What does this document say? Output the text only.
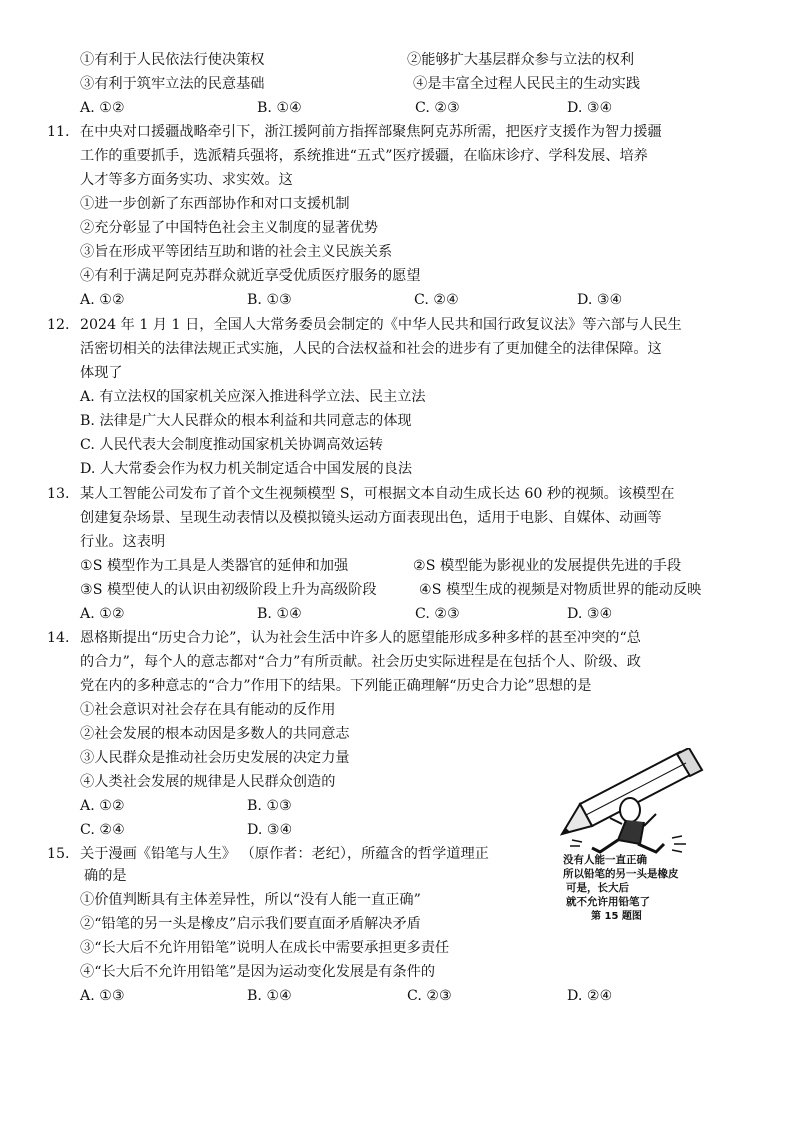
①有利于人民依法行使决策权	②能够扩大基层群众参与立法的权利
③有利于筑牢立法的民意基础	④是丰富全过程人民民主的生动实践
A. ①②	B. ①④	C. ②③	D. ③④
11. 在中央对口援疆战略牵引下，浙江援阿前方指挥部聚焦阿克苏所需，把医疗支援作为智力援疆
工作的重要抓手，选派精兵强将，系统推进“五式”医疗援疆，在临床诊疗、学科发展、培养
人才等多方面务实功、求实效。这
①进一步创新了东西部协作和对口支援机制
②充分彰显了中国特色社会主义制度的显著优势
③旨在形成平等团结互助和谐的社会主义民族关系
④有利于满足阿克苏群众就近享受优质医疗服务的愿望
A. ①②	B. ①③	C. ②④	D. ③④
12. 2024 年 1 月 1 日，全国人大常务委员会制定的《中华人民共和国行政复议法》等六部与人民生
活密切相关的法律法规正式实施，人民的合法权益和社会的进步有了更加健全的法律保障。这
体现了
A. 有立法权的国家机关应深入推进科学立法、民主立法
B. 法律是广大人民群众的根本利益和共同意志的体现
C. 人民代表大会制度推动国家机关协调高效运转
D. 人大常委会作为权力机关制定适合中国发展的良法
13. 某人工智能公司发布了首个文生视频模型 S，可根据文本自动生成长达 60 秒的视频。该模型在
创建复杂场景、呈现生动表情以及模拟镜头运动方面表现出色，适用于电影、自媒体、动画等
行业。这表明
①S 模型作为工具是人类器官的延伸和加强	②S 模型能为影视业的发展提供先进的手段
③S 模型使人的认识由初级阶段上升为高级阶段	④S 模型生成的视频是对物质世界的能动反映
A. ①②	B. ①④	C. ②③	D. ③④
14. 恩格斯提出“历史合力论”，认为社会生活中许多人的愿望能形成多种多样的甚至冲突的“总
的合力”，每个人的意志都对“合力”有所贡献。社会历史实际进程是在包括个人、阶级、政
党在内的多种意志的“合力”作用下的结果。下列能正确理解“历史合力论”思想的是
①社会意识对社会存在具有能动的反作用
②社会发展的根本动因是多数人的共同意志
③人民群众是推动社会历史发展的决定力量
④人类社会发展的规律是人民群众创造的
A. ①②	B. ①③
C. ②④	D. ③④
15. 关于漫画《铅笔与人生》 （原作者：老纪），所蕴含的哲学道理正
确的是
①价值判断具有主体差异性，所以“没有人能一直正确”
②“铅笔的另一头是橡皮”启示我们要直面矛盾解决矛盾
③“长大后不允许用铅笔”说明人在成长中需要承担更多责任
④“长大后不允许用铅笔”是因为运动变化发展是有条件的
A. ①③	B. ①④	C. ②③	D. ②④
没有人能一直正确
所以铅笔的另一头是橡皮
可是，长大后
就不允许用铅笔了
第 15 题图
